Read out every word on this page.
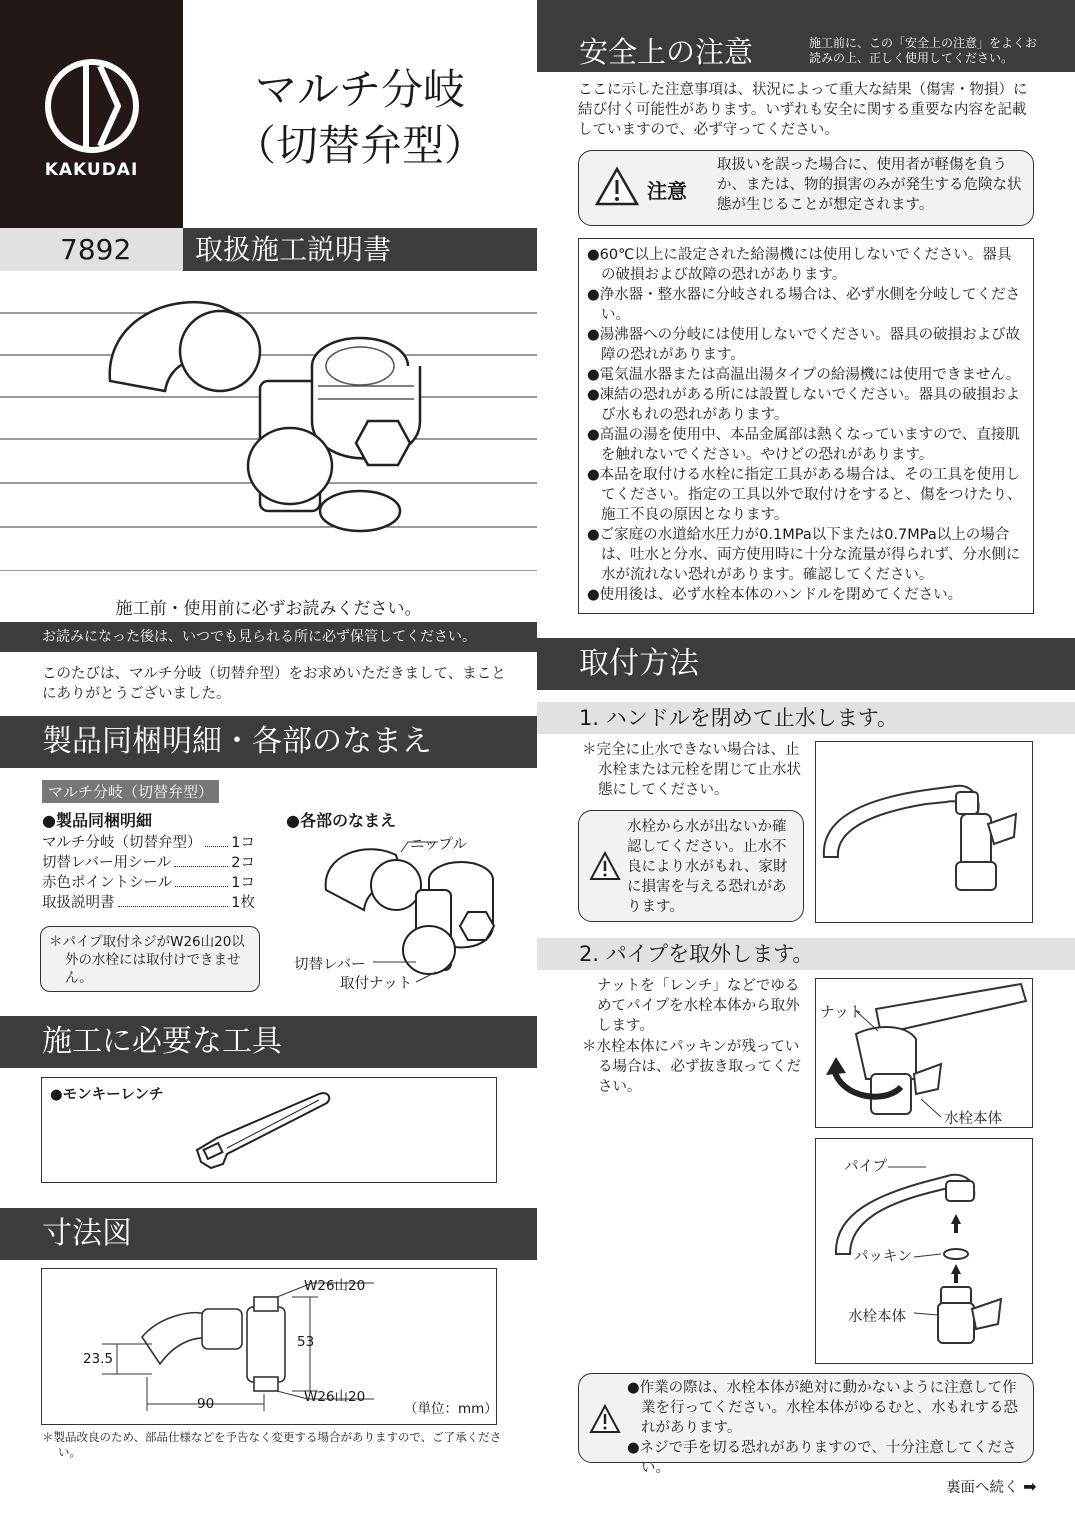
KAKUDAI
マルチ分岐
（切替弁型）
7892	取扱施工説明書
施工前・使用前に必ずお読みください。
お読みになった後は、いつでも見られる所に必ず保管してください。

このたびは、マルチ分岐（切替弁型）をお求めいただきまして、まことにありがとうございました。

製品同梱明細・各部のなまえ
マルチ分岐（切替弁型）
●製品同梱明細
マルチ分岐（切替弁型） 1コ
切替レバー用シール	2コ
赤色ポイントシール	1コ
取扱説明書	1枚
＊ パイプ取付ネジがW26山20以外の水栓には取付けできません。
●各部のなまえ
ニップル
切替レバー
取付ナット
施工に必要な工具
●モンキーレンチ
寸法図
W26山20
53
23.5
W26山20
90	（単位：mm）
＊ 製品改良のため、部品仕様などを予告なく変更する場合がありますので、ご了承ください。
安全上の注意	施工前に、この「安全上の注意」をよくお読みの上、正しく使用してください。

ここに示した注意事項は、状況によって重大な結果（傷害・物損）に結び付く可能性があります。いずれも安全に関する重要な内容を記載していますので、必ず守ってください。

注意
取扱いを誤った場合に、使用者が軽傷を負うか、または、物的損害のみが発生する危険な状態が生じることが想定されます。
● 60℃以上に設定された給湯機には使用しないでください。器具の破損および故障の恐れがあります。
● 浄水器・整水器に分岐される場合は、必ず水側を分岐してください。
● 湯沸器への分岐には使用しないでください。器具の破損および故障の恐れがあります。
● 電気温水器または高温出湯タイプの給湯機には使用できません。
● 凍結の恐れがある所には設置しないでください。器具の破損および水もれの恐れがあります。
● 高温の湯を使用中、本品金属部は熱くなっていますので、直接肌を触れないでください。やけどの恐れがあります。
● 本品を取付ける水栓に指定工具がある場合は、その工具を使用してください。指定の工具以外で取付けをすると、傷をつけたり、施工不良の原因となります。
● ご家庭の水道給水圧力が0.1MPa以下または0.7MPa以上の場合は、吐水と分水、両方使用時に十分な流量が得られず、分水側に水が流れない恐れがあります。確認してください。
● 使用後は、必ず水栓本体のハンドルを閉めてください。
取付方法
1. ハンドルを閉めて止水します。
＊ 完全に止水できない場合は、止水栓または元栓を閉じて止水状態にしてください。
水栓から水が出ないか確認してください。止水不良により水がもれ、家財に損害を与える恐れがあります。
2. パイプを取外します。

ナットを「レンチ」などでゆるめてパイプを水栓本体から取外します。

＊ 水栓本体にパッキンが残っている場合は、必ず抜き取ってください。
ナット
水栓本体
パイプ
パッキン
水栓本体
● 作業の際は、水栓本体が絶対に動かないように注意して作業を行ってください。水栓本体がゆるむと、水もれする恐れがあります。
● ネジで手を切る恐れがありますので、十分注意してください。
裏面へ続く ➡
